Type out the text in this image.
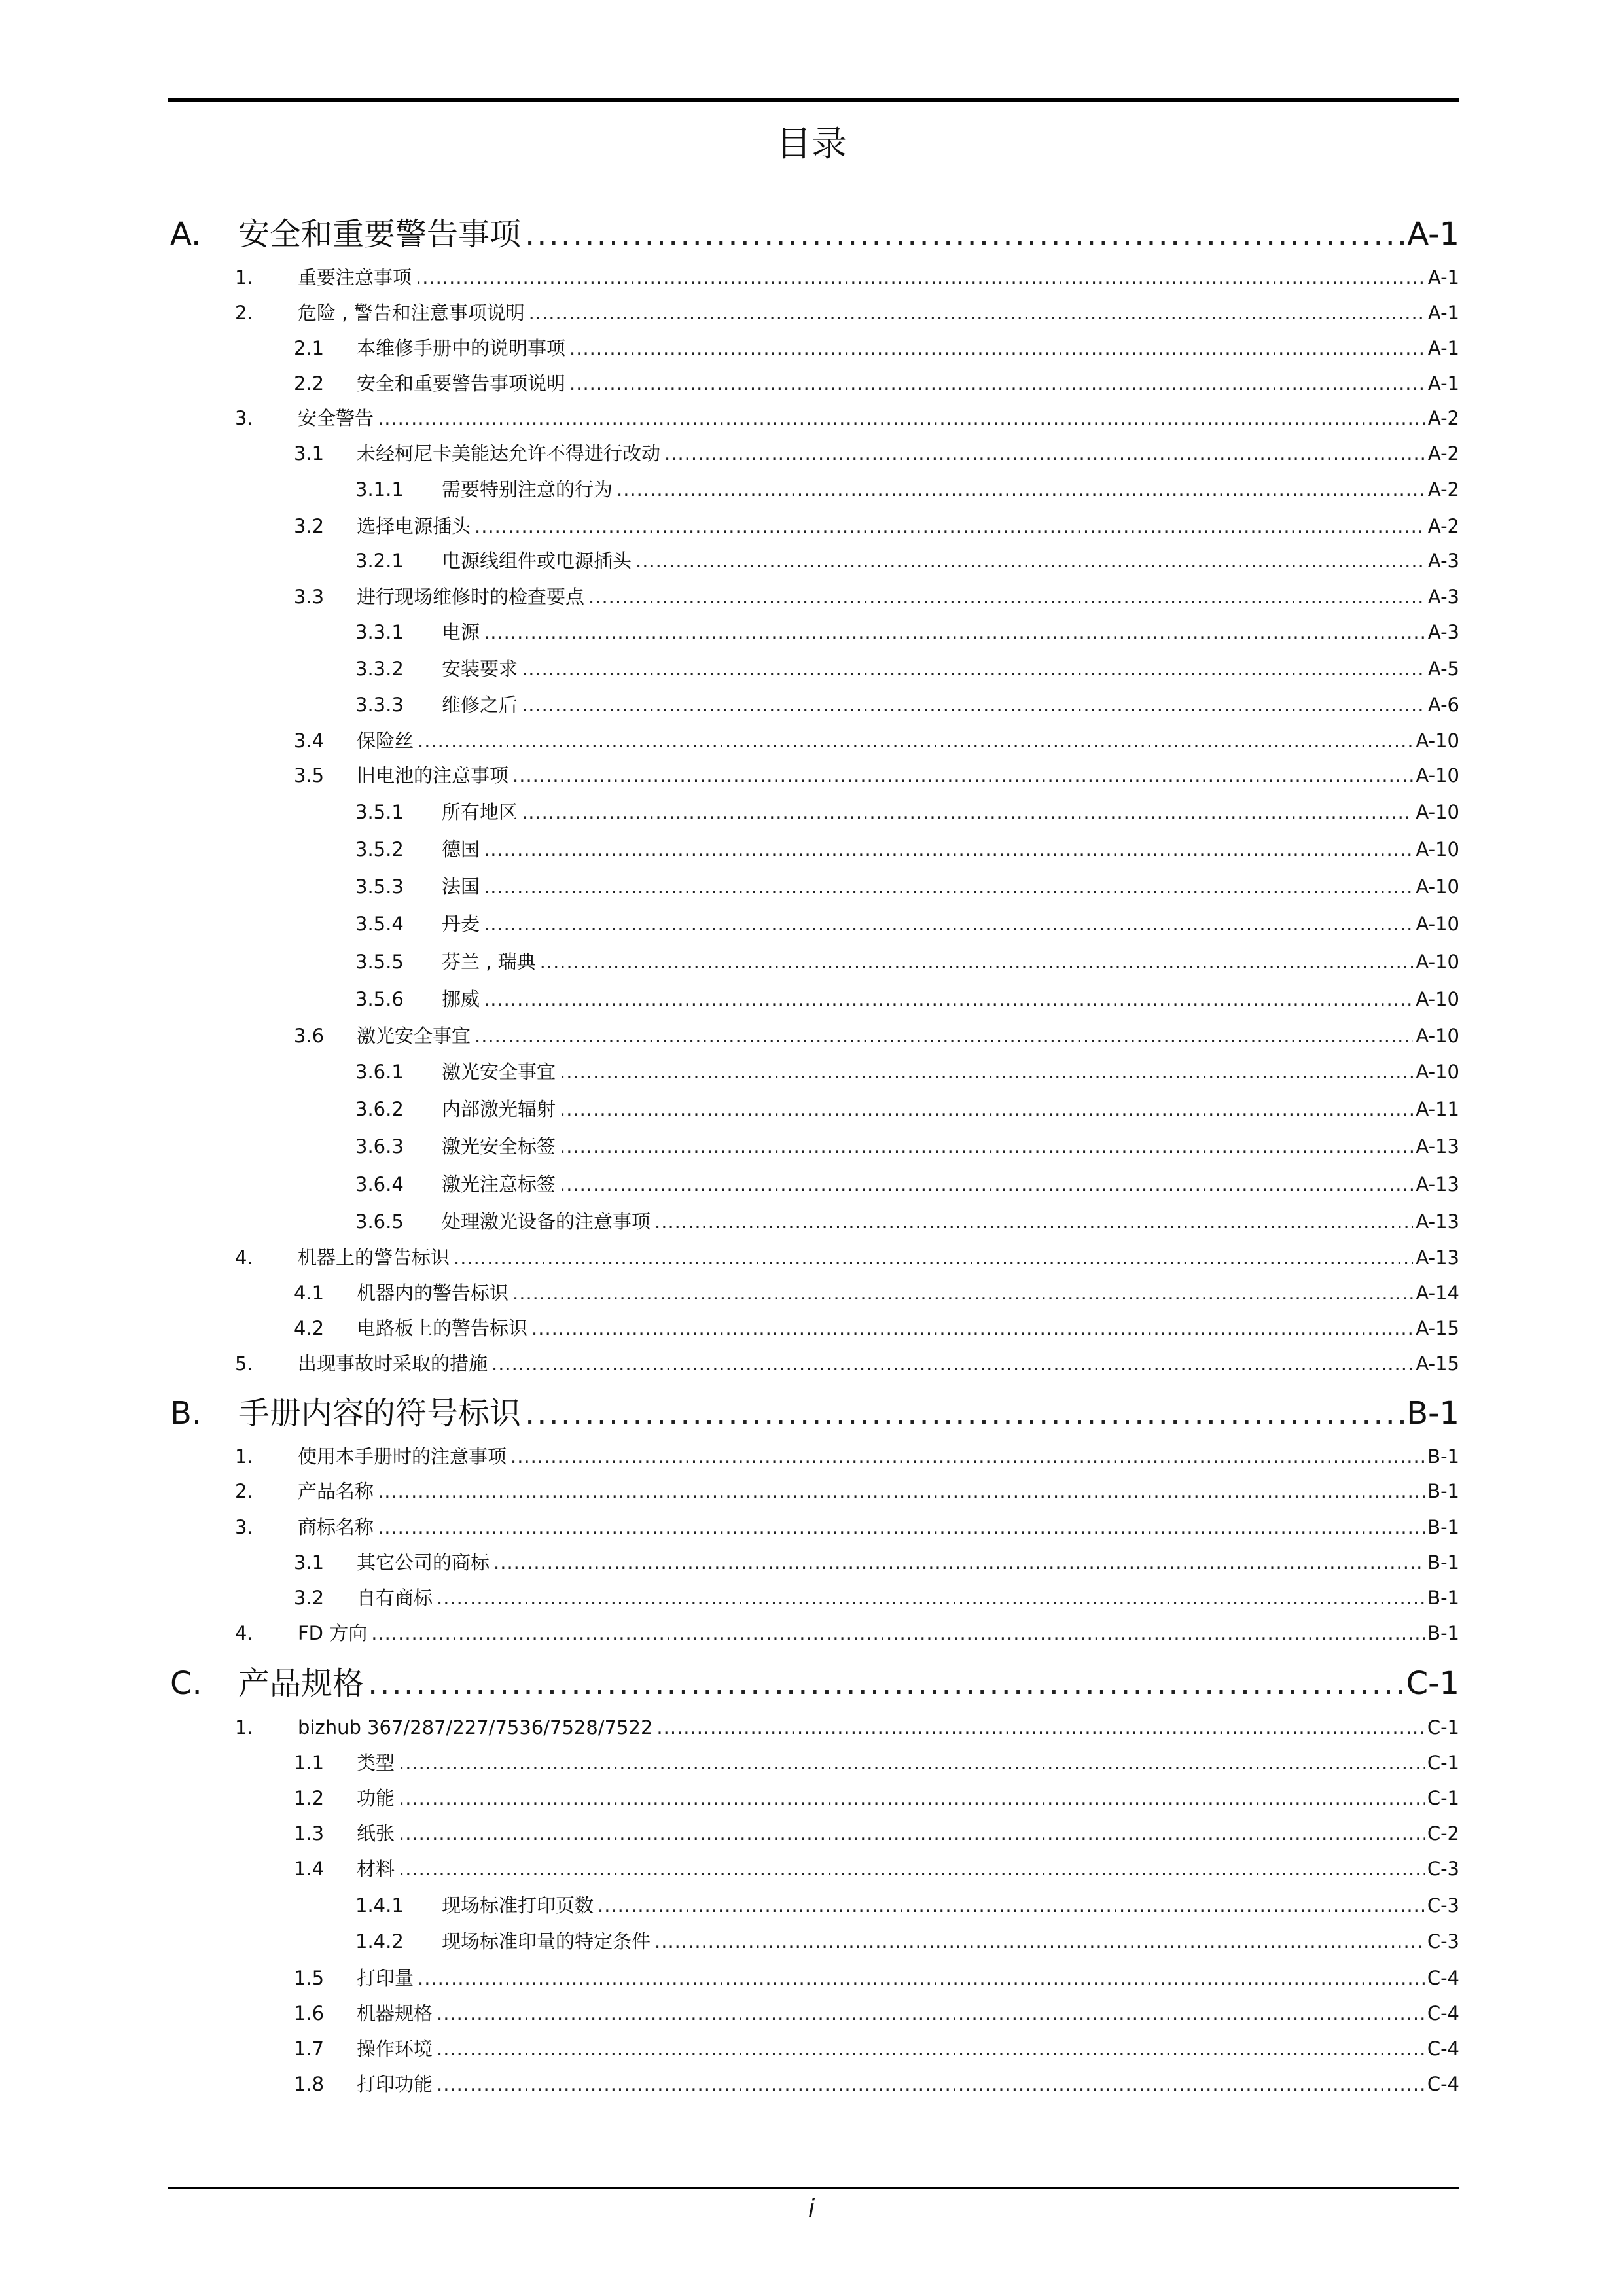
目录
A.	安全和重要警告事项 .....	A-1
1.	重要注意事项 .....	A-1
2.	危险 , 警告和注意事项说明 .....	A-1
2.1	本维修手册中的说明事项 .....	A-1
2.2	安全和重要警告事项说明 .....	A-1
3.	安全警告 .....	A-2
3.1	未经柯尼卡美能达允许不得进行改动 .....	A-2
3.1.1	需要特别注意的行为 .....	A-2
3.2	选择电源插头 .....	A-2
3.2.1	电源线组件或电源插头 .....	A-3
3.3	进行现场维修时的检查要点 .....	A-3
3.3.1	电源 .....	A-3
3.3.2	安装要求 .....	A-5
3.3.3	维修之后 .....	A-6
3.4	保险丝 .....	A-10
3.5	旧电池的注意事项 .....	A-10
3.5.1	所有地区 .....	A-10
3.5.2	德国 .....	A-10
3.5.3	法国 .....	A-10
3.5.4	丹麦 .....	A-10
3.5.5	芬兰 , 瑞典 .....	A-10
3.5.6	挪威 .....	A-10
3.6	激光安全事宜 .....	A-10
3.6.1	激光安全事宜 .....	A-10
3.6.2	内部激光辐射 .....	A-11
3.6.3	激光安全标签 .....	A-13
3.6.4	激光注意标签 .....	A-13
3.6.5	处理激光设备的注意事项 .....	A-13
4.	机器上的警告标识 .....	A-13
4.1	机器内的警告标识 .....	A-14
4.2	电路板上的警告标识 .....	A-15
5.	出现事故时采取的措施 .....	A-15
B.	手册内容的符号标识 .....	B-1
1.	使用本手册时的注意事项 .....	B-1
2.	产品名称 .....	B-1
3.	商标名称 .....	B-1
3.1	其它公司的商标 .....	B-1
3.2	自有商标 .....	B-1
4.	FD 方向 .....	B-1
C.	产品规格 .....	C-1
1.	bizhub 367/287/227/7536/7528/7522 .....	C-1
1.1	类型 .....	C-1
1.2	功能 .....	C-1
1.3	纸张 .....	C-2
1.4	材料 .....	C-3
1.4.1	现场标准打印页数 .....	C-3
1.4.2	现场标准印量的特定条件 .....	C-3
1.5	打印量 .....	C-4
1.6	机器规格 .....	C-4
1.7	操作环境 .....	C-4
1.8	打印功能 .....	C-4
i
